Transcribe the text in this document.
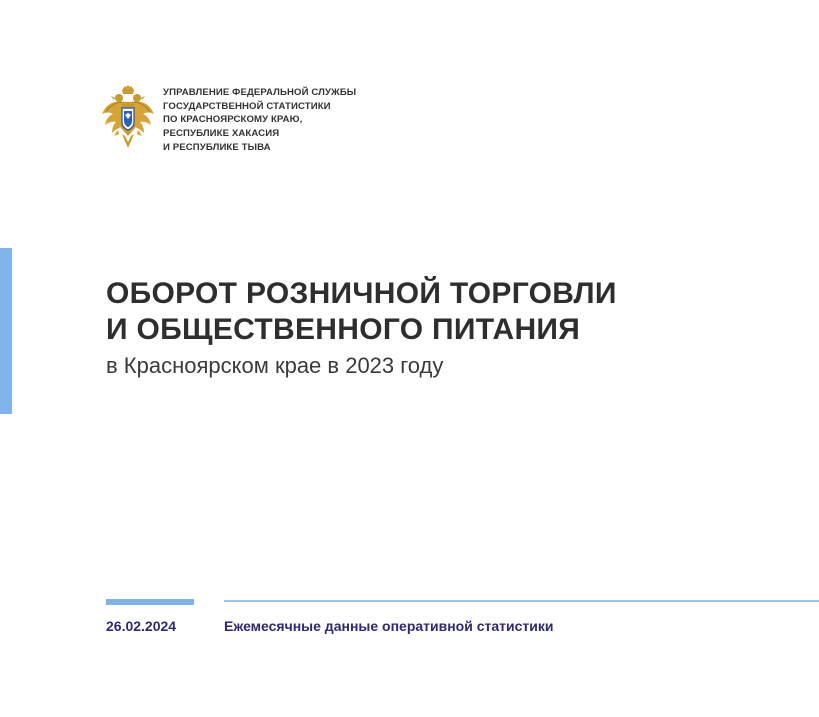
УПРАВЛЕНИЕ ФЕДЕРАЛЬНОЙ СЛУЖБЫ
ГОСУДАРСТВЕННОЙ СТАТИСТИКИ
ПО КРАСНОЯРСКОМУ КРАЮ,
РЕСПУБЛИКЕ ХАКАСИЯ
И РЕСПУБЛИКЕ ТЫВА
ОБОРОТ РОЗНИЧНОЙ ТОРГОВЛИ
И ОБЩЕСТВЕННОГО ПИТАНИЯ
в Красноярском крае в 2023 году
26.02.2024	Ежемесячные данные оперативной статистики
